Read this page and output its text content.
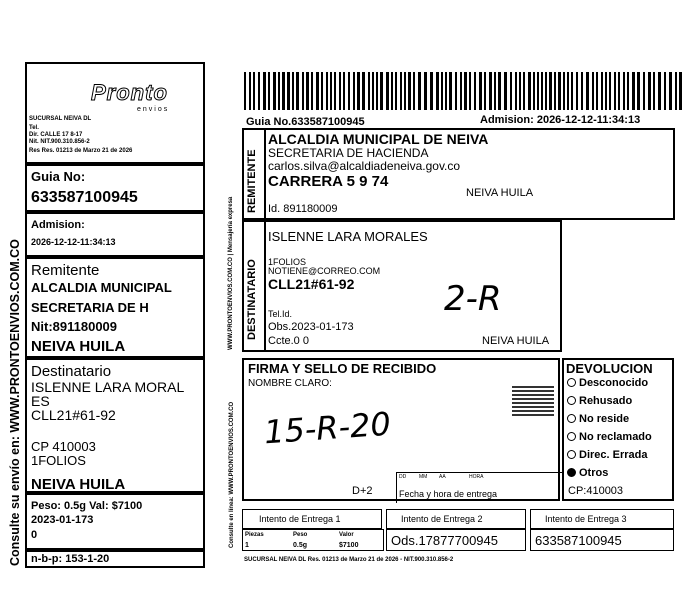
Consulte su envío en: WWW.PRONTOENVIOS.COM.CO
Pronto
envios
SUCURSAL NEIVA DL
Tel.
Dir. CALLE 17 8-17
Nit. NIT.900.310.856-2
Res Res. 01213 de Marzo 21 de 2026
Guia No:
633587100945
Admision:
2026-12-12-11:34:13
Remitente
ALCALDIA MUNICIPAL
SECRETARIA DE H
Nit:891180009
NEIVA HUILA
Destinatario
ISLENNE LARA MORAL
ES
CLL21#61-92
CP 410003
1FOLIOS
NEIVA HUILA
Peso: 0.5g Val: $7100
2023-01-173
0
n-b-p: 153-1-20
Guia No.633587100945	Admision: 2026-12-12-11:34:13
WWW.PRONTOENVIOS.COM.CO | Mensajería expresa
REMITENTE
ALCALDIA MUNICIPAL DE NEIVA
SECRETARIA DE HACIENDA
carlos.silva@alcaldiadeneiva.gov.co
CARRERA 5 9 74
NEIVA HUILA
Id. 891180009
DESTINATARIO
ISLENNE LARA MORALES
1FOLIOS
NOTIENE@CORREO.COM
CLL21#61-92
Tel.Id.
Obs.2023-01-173
Ccte.0 0	NEIVA HUILA
2-R
FIRMA Y SELLO DE RECIBIDO
NOMBRE CLARO:
15-R-20
D+2
DD	MM AA	HORA
Fecha y hora de entrega
Consulte en línea: WWW.PRONTOENVIOS.COM.CO
DEVOLUCION
Desconocido
Rehusado
No reside
No reclamado
Direc. Errada
Otros
CP:410003
Intento de Entrega 1	Intento de Entrega 2	Intento de Entrega 3
Piezas	Peso	Valor
1	0.5g	$7100	Ods.17877700945	633587100945
SUCURSAL NEIVA DL Res. 01213 de Marzo 21 de 2026 - NIT.900.310.856-2
